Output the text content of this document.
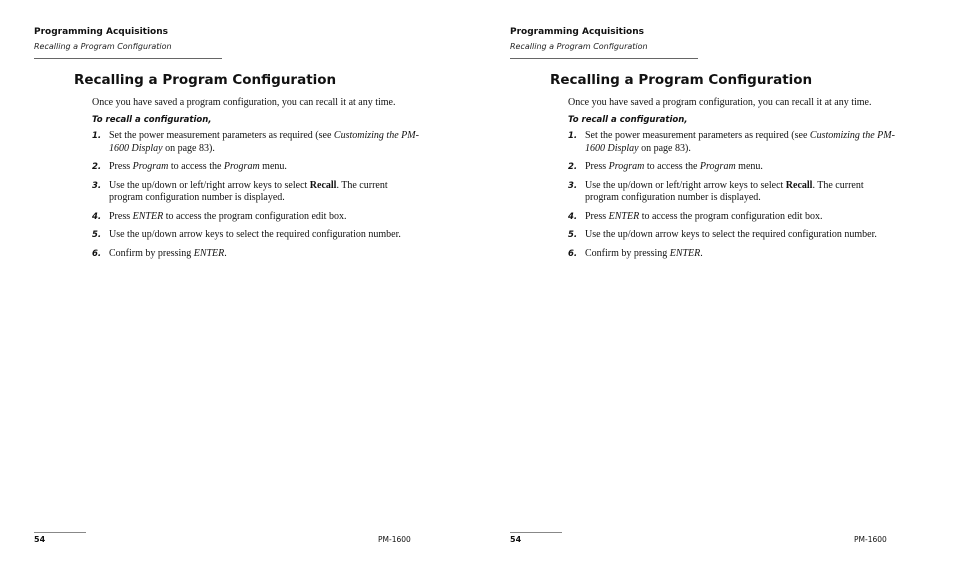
Programming Acquisitions
Recalling a Program Configuration
Recalling a Program Configuration
Once you have saved a program configuration, you can recall it at any time.
To recall a configuration,
1. Set the power measurement parameters as required (see Customizing the PM-1600 Display on page 83).
2. Press Program to access the Program menu.
3. Use the up/down or left/right arrow keys to select Recall. The current program configuration number is displayed.
4. Press ENTER to access the program configuration edit box.
5. Use the up/down arrow keys to select the required configuration number.
6. Confirm by pressing ENTER.
54	PM-1600
Programming Acquisitions
Recalling a Program Configuration
Recalling a Program Configuration
Once you have saved a program configuration, you can recall it at any time.
To recall a configuration,
1. Set the power measurement parameters as required (see Customizing the PM-1600 Display on page 83).
2. Press Program to access the Program menu.
3. Use the up/down or left/right arrow keys to select Recall. The current program configuration number is displayed.
4. Press ENTER to access the program configuration edit box.
5. Use the up/down arrow keys to select the required configuration number.
6. Confirm by pressing ENTER.
54	PM-1600
